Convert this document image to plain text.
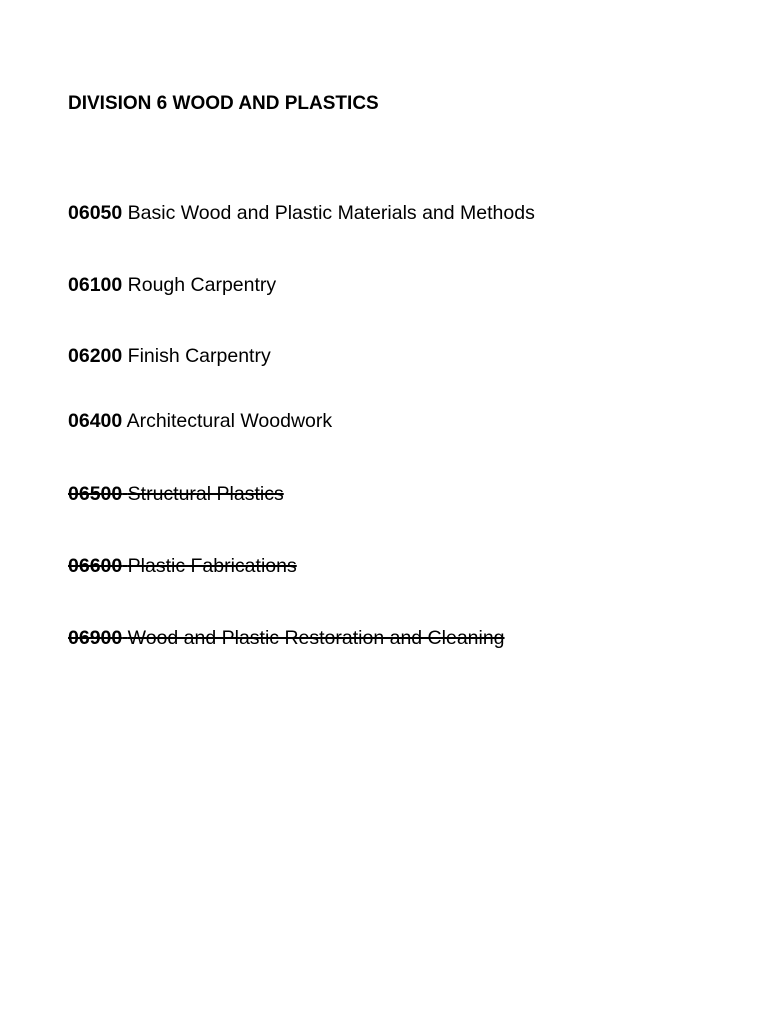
DIVISION 6 WOOD AND PLASTICS
06050 Basic Wood and Plastic Materials and Methods
06100 Rough Carpentry
06200 Finish Carpentry
06400 Architectural Woodwork
06500 Structural Plastics
06600 Plastic Fabrications
06900 Wood and Plastic Restoration and Cleaning
